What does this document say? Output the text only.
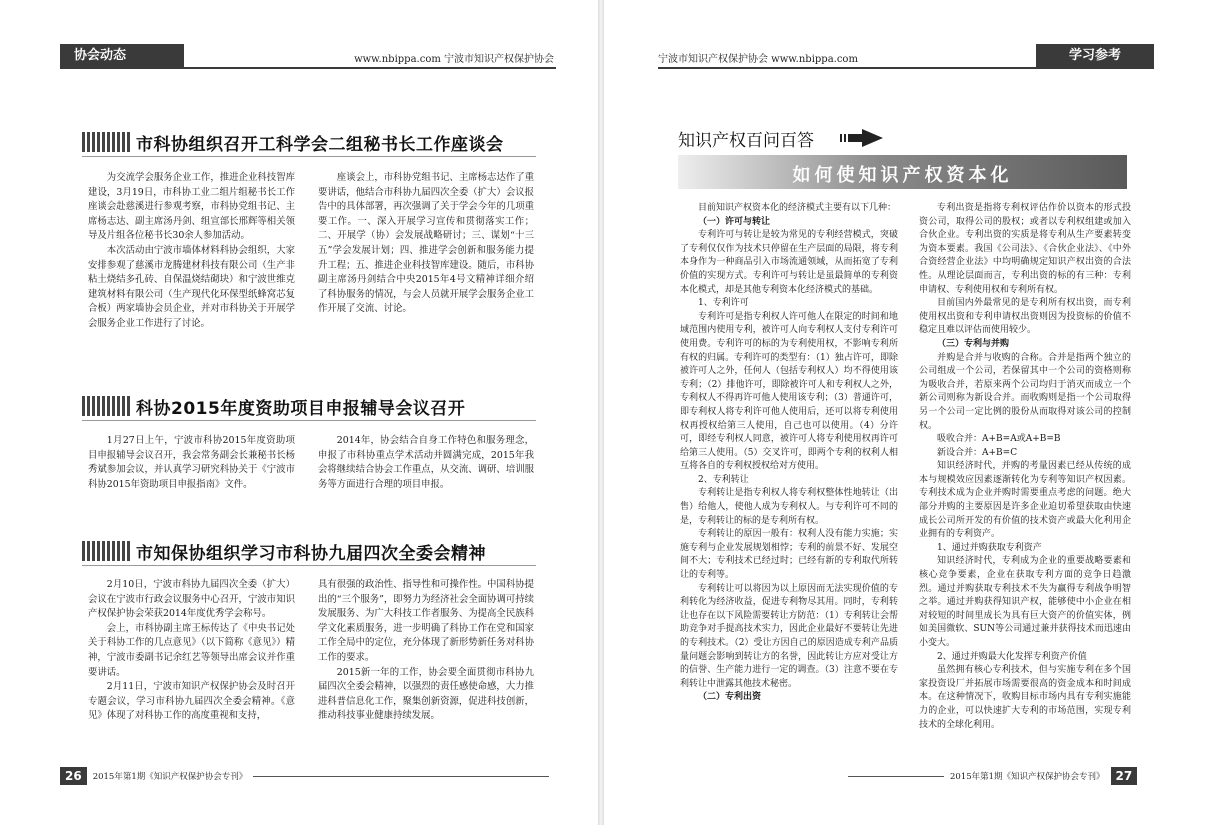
协会动态	www.nbippa.com 宁波市知识产权保护协会
市科协组织召开工科学会二组秘书长工作座谈会

为交流学会服务企业工作，推进企业科技智库建设，3月19日，市科协工业二组片组秘书长工作座谈会赴慈溪进行参观考察，市科协党组书记、主席杨志达、副主席汤丹剑、组宣部长邢辉等相关领导及片组各位秘书长30余人参加活动。

本次活动由宁波市墙体材料科协会组织，大家安排参观了慈溪市龙腾建材科技有限公司（生产非粘土烧结多孔砖、自保温烧结砌块）和宁波世维克建筑材料有限公司（生产现代化环保型纸蜂窝芯复合板）两家墙协会员企业，并对市科协关于开展学会服务企业工作进行了讨论。

座谈会上，市科协党组书记、主席杨志达作了重要讲话，他结合市科协九届四次全委（扩大）会议报告中的具体部署，再次强调了关于学会今年的几项重要工作。一、深入开展学习宣传和贯彻落实工作；二、开展学（协）会发展战略研讨；三、谋划“十三五”学会发展计划；四、推进学会创新和服务能力提升工程；五、推进企业科技智库建设。随后，市科协副主席汤丹剑结合中央2015年4号文精神详细介绍了科协服务的情况，与会人员就开展学会服务企业工作开展了交流、讨论。

科协2015年度资助项目申报辅导会议召开

1月27日上午，宁波市科协2015年度资助项目申报辅导会议召开，我会常务副会长兼秘书长杨秀斌参加会议，并认真学习研究科协关于《宁波市科协2015年资助项目申报指南》文件。

2014年，协会结合自身工作特色和服务理念，申报了市科协重点学术活动并圆满完成，2015年我会将继续结合协会工作重点，从交流、调研、培训服务等方面进行合理的项目申报。

市知保协组织学习市科协九届四次全委会精神

2月10日，宁波市科协九届四次全委（扩大）会议在宁波市行政会议服务中心召开，宁波市知识产权保护协会荣获2014年度优秀学会称号。

会上，市科协副主席王标传达了《中央书记处关于科协工作的几点意见》（以下简称《意见》）精神，宁波市委副书记余红艺等领导出席会议并作重要讲话。

2月11日，宁波市知识产权保护协会及时召开专题会议，学习市科协九届四次全委会精神。《意见》体现了对科协工作的高度重视和支持，

具有很强的政治性、指导性和可操作性。中国科协提出的“三个服务”，即努力为经济社会全面协调可持续发展服务、为广大科技工作者服务、为提高全民族科学文化素质服务，进一步明确了科协工作在党和国家工作全局中的定位，充分体现了新形势新任务对科协工作的要求。

2015新一年的工作，协会要全面贯彻市科协九届四次全委会精神，以强烈的责任感使命感，大力推进科普信息化工作，聚集创新资源，促进科技创新，推动科技事业健康持续发展。

26	2015年第1期《知识产权保护协会专刊》
宁波市知识产权保护协会 www.nbippa.com	学习参考
知识产权百问百答
如何使知识产权资本化

目前知识产权资本化的经济模式主要有以下几种：

（一）许可与转让

专利许可与转让是较为常见的专利经营模式，突破了专利仅仅作为技术只停留在生产层面的局限，将专利本身作为一种商品引入市场流通领域，从而拓宽了专利价值的实现方式。专利许可与转让是虽最简单的专利资本化模式，却是其他专利资本化经济模式的基础。

1、专利许可

专利许可是指专利权人许可他人在限定的时间和地域范围内使用专利，被许可人向专利权人支付专利许可使用费。专利许可的标的为专利使用权，不影响专利所有权的归属。专利许可的类型有：（1）独占许可，即除被许可人之外，任何人（包括专利权人）均不得使用该专利；（2）排他许可，即除被许可人和专利权人之外，专利权人不得再许可他人使用该专利；（3）普通许可，即专利权人将专利许可他人使用后，还可以将专利使用权再授权给第三人使用，自己也可以使用。（4）分许可，即经专利权人同意，被许可人将专利使用权再许可给第三人使用。（5）交叉许可，即两个专利的权利人相互将各自的专利权授权给对方使用。

2、专利转让

专利转让是指专利权人将专利权整体性地转让（出售）给他人，使他人成为专利权人。与专利许可不同的是，专利转让的标的是专利所有权。

专利转让的原因一般有：权利人没有能力实施；实施专利与企业发展规划相悖；专利的前景不好、发展空间不大；专利技术已经过时；已经有新的专利取代所转让的专利等。

专利转让可以将因为以上原因而无法实现价值的专利转化为经济收益，促进专利物尽其用。同时，专利转让也存在以下风险需要转让方防范：（1）专利转让会帮助竞争对手提高技术实力，因此企业最好不要转让先进的专利技术。（2）受让方因自己的原因造成专利产品质量问题会影响到转让方的名誉，因此转让方应对受让方的信誉、生产能力进行一定的调查。（3）注意不要在专利转让中泄露其他技术秘密。

（二）专利出资

专利出资是指将专利权评估作价以资本的形式投资公司，取得公司的股权；或者以专利权组建或加入合伙企业。专利出资的实质是将专利从生产要素转变为资本要素。我国《公司法》、《合伙企业法》、《中外合资经营企业法》中均明确规定知识产权出资的合法性。从理论层面而言，专利出资的标的有三种：专利申请权、专利使用权和专利所有权。

目前国内外最常见的是专利所有权出资，而专利使用权出资和专利申请权出资则因为投资标的价值不稳定且难以评估而使用较少。

（三）专利与并购

并购是合并与收购的合称。合并是指两个独立的公司组成一个公司，若保留其中一个公司的资格则称为吸收合并，若原来两个公司均归于消灭而成立一个新公司则称为新设合并。而收购则是指一个公司取得另一个公司一定比例的股份从而取得对该公司的控制权。

吸收合并：A+B=A或A+B=B

新设合并：A+B=C

知识经济时代，并购的考量因素已经从传统的成本与规模效应因素逐渐转化为专利等知识产权因素。专利技术成为企业并购时需要重点考虑的问题。绝大部分并购的主要原因是许多企业迫切希望获取由快速成长公司所开发的有价值的技术资产或最大化利用企业拥有的专利资产。

1、通过并购获取专利资产

知识经济时代，专利成为企业的重要战略要素和核心竞争要素，企业在获取专利方面的竞争日趋激烈。通过并购获取专利技术不失为赢得专利战争明智之举。通过并购获得知识产权，能够使中小企业在相对较短的时间里成长为具有巨大资产的价值实体，例如美国微软、SUN等公司通过兼并获得技术而迅速由小变大。

2、通过并购最大化发挥专利资产价值

虽然拥有核心专利技术，但与实施专利在多个国家投资设厂并拓展市场需要很高的资金成本和时间成本。在这种情况下，收购目标市场内具有专利实施能力的企业，可以快速扩大专利的市场范围，实现专利技术的全球化利用。

2015年第1期《知识产权保护协会专刊》 27
